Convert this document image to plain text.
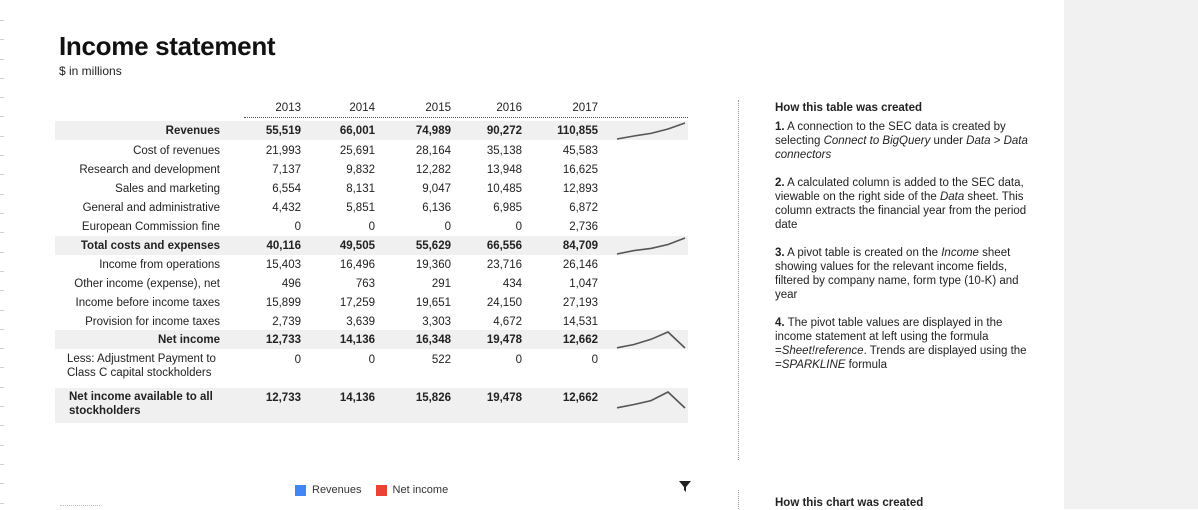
Income statement
$ in millions
2013	2014	2015	2016	2017
Revenues	55,519	66,001	74,989	90,272	110,855
Cost of revenues	21,993	25,691	28,164	35,138	45,583
Research and development	7,137	9,832	12,282	13,948	16,625
Sales and marketing	6,554	8,131	9,047	10,485	12,893
General and administrative	4,432	5,851	6,136	6,985	6,872
European Commission fine	0	0	0	0	2,736
Total costs and expenses	40,116	49,505	55,629	66,556	84,709
Income from operations	15,403	16,496	19,360	23,716	26,146
Other income (expense), net	496	763	291	434	1,047
Income before income taxes	15,899	17,259	19,651	24,150	27,193
Provision for income taxes	2,739	3,639	3,303	4,672	14,531
Net income	12,733	14,136	16,348	19,478	12,662
Less: Adjustment Payment to
Class C capital stockholders
0	0	522	0	0
Net income available to all
stockholders
12,733	14,136	15,826	19,478	12,662
How this table was created
1. A connection to the SEC data is created by selecting Connect to BigQuery under Data > Data connectors
2. A calculated column is added to the SEC data, viewable on the right side of the Data sheet. This column extracts the financial year from the period date
3. A pivot table is created on the Income sheet showing values for the relevant income fields, filtered by company name, form type (10-K) and year
4. The pivot table values are displayed in the income statement at left using the formula =Sheet!reference. Trends are displayed using the =SPARKLINE formula
Revenues	Net income
How this chart was created
